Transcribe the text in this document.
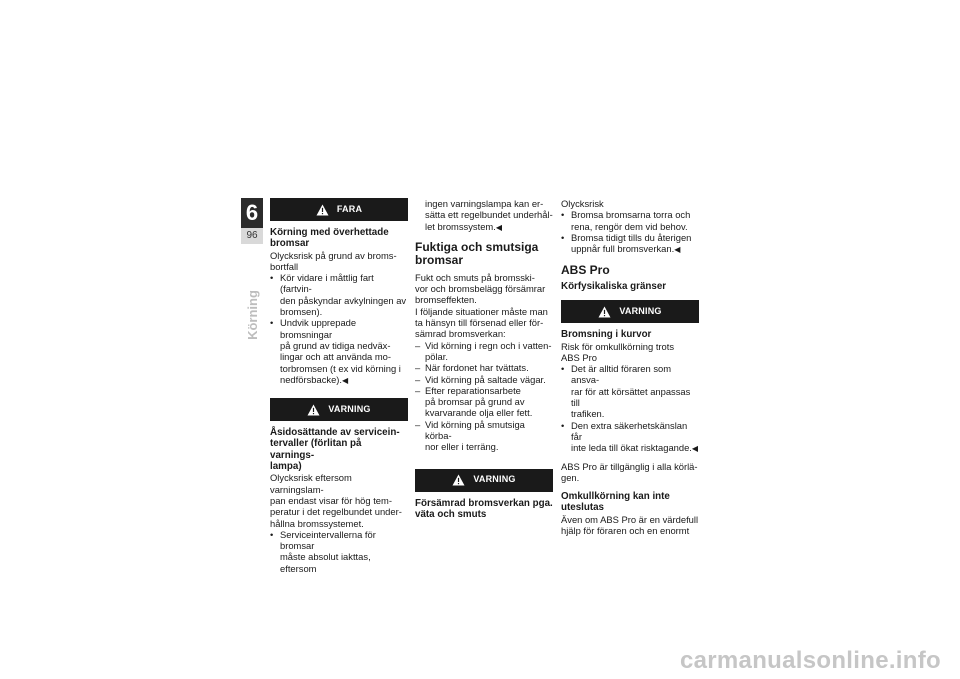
6
96
Körning
FARA

Körning med överhettade
bromsar

Olycksrisk på grund av broms-
bortfall

• Kör vidare i måttlig fart (fartvin-
den påskyndar avkylningen av
bromsen).
• Undvik upprepade bromsningar
på grund av tidiga nedväx-
lingar och att använda mo-
torbromsen (t ex vid körning i
nedförsbacke).◀
VARNING

Åsidosättande av servicein-
tervaller (förlitan på varnings-
lampa)

Olycksrisk eftersom varningslam-
pan endast visar för hög tem-
peratur i det regelbundet under-
hållna bromssystemet.

• Serviceintervallerna för bromsar
måste absolut iakttas, eftersom
ingen varningslampa kan er-
sätta ett regelbundet underhål-
let bromssystem.◀

Fuktiga och smutsiga
bromsar

Fukt och smuts på bromsski-
vor och bromsbelägg försämrar
bromseffekten.

I följande situationer måste man
ta hänsyn till försenad eller för-
sämrad bromsverkan:

– Vid körning i regn och i vatten-
pölar.
– När fordonet har tvättats.
– Vid körning på saltade vägar.
– Efter reparationsarbete
på bromsar på grund av
kvarvarande olja eller fett.
– Vid körning på smutsiga körba-
nor eller i terräng.
VARNING

Försämrad bromsverkan pga.
väta och smuts

Olycksrisk

• Bromsa bromsarna torra och
rena, rengör dem vid behov.
• Bromsa tidigt tills du återigen
uppnår full bromsverkan.◀

ABS Pro

Körfysikaliska gränser

VARNING

Bromsning i kurvor

Risk för omkullkörning trots
ABS Pro

• Det är alltid föraren som ansva-
rar för att körsättet anpassas till
trafiken.
• Den extra säkerhetskänslan får
inte leda till ökat risktagande.◀

ABS Pro är tillgänglig i alla körlä-
gen.

Omkullkörning kan inte
uteslutas

Även om ABS Pro är en värdefull
hjälp för föraren och en enormt

carmanualsonline.info
